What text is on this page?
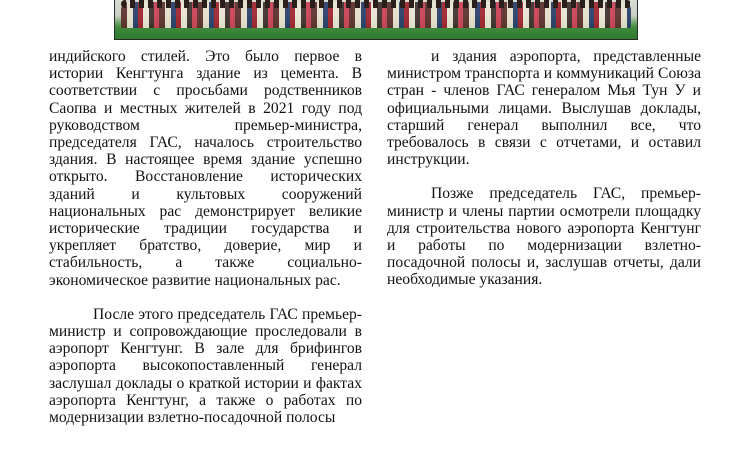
индийского стилей. Это было первое в истории Кенгтунга здание из цемента. В соответствии с просьбами родственников Саопва и местных жителей в 2021 году под руководством премьер-министра, председателя ГАС, началось строительство здания. В настоящее время здание успешно открыто. Восстановление исторических зданий и культовых сооружений национальных рас демонстрирует великие исторические традиции государства и укрепляет братство, доверие, мир и стабильность, а также социально-экономическое развитие национальных рас.

После этого председатель ГАС премьер-министр и сопровождающие проследовали в аэропорт Кенгтунг. В зале для брифингов аэропорта высокопоставленный генерал заслушал доклады о краткой истории и фактах аэропорта Кенгтунг, а также о работах по модернизации взлетно-посадочной полосы

и здания аэропорта, представленные министром транспорта и коммуникаций Союза стран - членов ГАС генералом Мья Тун У и официальными лицами. Выслушав доклады, старший генерал выполнил все, что требовалось в связи с отчетами, и оставил инструкции.

Позже председатель ГАС, премьер-министр и члены партии осмотрели площадку для строительства нового аэропорта Кенгтунг и работы по модернизации взлетно-посадочной полосы и, заслушав отчеты, дали необходимые указания.
